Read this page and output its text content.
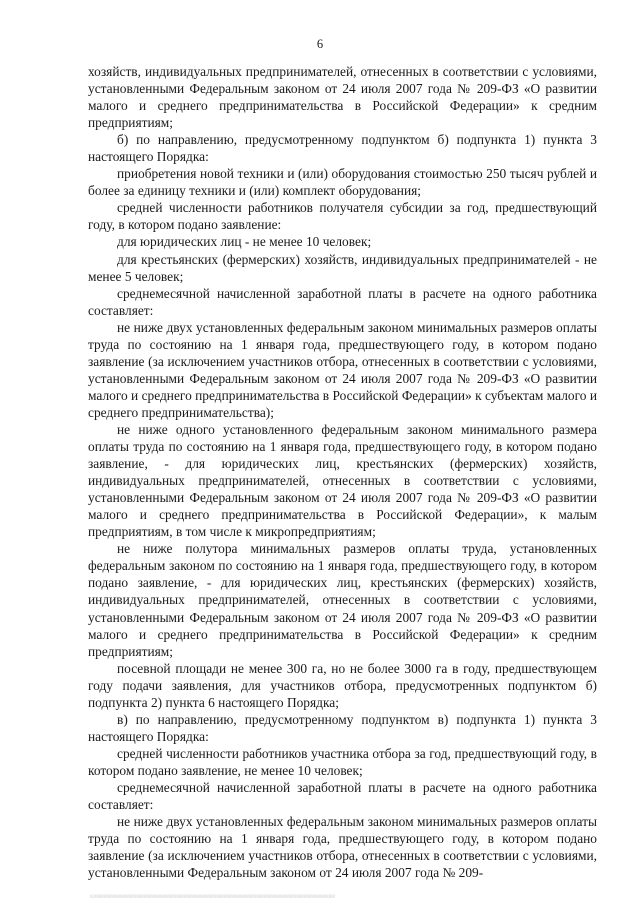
6

хозяйств, индивидуальных предпринимателей, отнесенных в соответствии с условиями, установленными Федеральным законом от 24 июля 2007 года № 209-ФЗ «О развитии малого и среднего предпринимательства в Российской Федерации» к средним предприятиям;

б) по направлению, предусмотренному подпунктом б) подпункта 1) пункта 3 настоящего Порядка:

приобретения новой техники и (или) оборудования стоимостью 250 тысяч рублей и более за единицу техники и (или) комплект оборудования;

средней численности работников получателя субсидии за год, предшествующий году, в котором подано заявление:

для юридических лиц - не менее 10 человек;

для крестьянских (фермерских) хозяйств, индивидуальных предпринимателей - не менее 5 человек;

среднемесячной начисленной заработной платы в расчете на одного работника составляет:

не ниже двух установленных федеральным законом минимальных размеров оплаты труда по состоянию на 1 января года, предшествующего году, в котором подано заявление (за исключением участников отбора, отнесенных в соответствии с условиями, установленными Федеральным законом от 24 июля 2007 года № 209-ФЗ «О развитии малого и среднего предпринимательства в Российской Федерации» к субъектам малого и среднего предпринимательства);

не ниже одного установленного федеральным законом минимального размера оплаты труда по состоянию на 1 января года, предшествующего году, в котором подано заявление, - для юридических лиц, крестьянских (фермерских) хозяйств, индивидуальных предпринимателей, отнесенных в соответствии с условиями, установленными Федеральным законом от 24 июля 2007 года № 209-ФЗ «О развитии малого и среднего предпринимательства в Российской Федерации», к малым предприятиям, в том числе к микропредприятиям;

не ниже полутора минимальных размеров оплаты труда, установленных федеральным законом по состоянию на 1 января года, предшествующего году, в котором подано заявление, - для юридических лиц, крестьянских (фермерских) хозяйств, индивидуальных предпринимателей, отнесенных в соответствии с условиями, установленными Федеральным законом от 24 июля 2007 года № 209-ФЗ «О развитии малого и среднего предпринимательства в Российской Федерации» к средним предприятиям;

посевной площади не менее 300 га, но не более 3000 га в году, предшествующем году подачи заявления, для участников отбора, предусмотренных подпунктом б) подпункта 2) пункта 6 настоящего Порядка;

в) по направлению, предусмотренному подпунктом в) подпункта 1) пункта 3 настоящего Порядка:

средней численности работников участника отбора за год, предшествующий году, в котором подано заявление, не менее 10 человек;

среднемесячной начисленной заработной платы в расчете на одного работника составляет:

не ниже двух установленных федеральным законом минимальных размеров оплаты труда по состоянию на 1 января года, предшествующего году, в котором подано заявление (за исключением участников отбора, отнесенных в соответствии с условиями, установленными Федеральным законом от 24 июля 2007 года № 209-

02000000000000000000000000000000000000000000000000000000000000000000000000000000000000000000000000
